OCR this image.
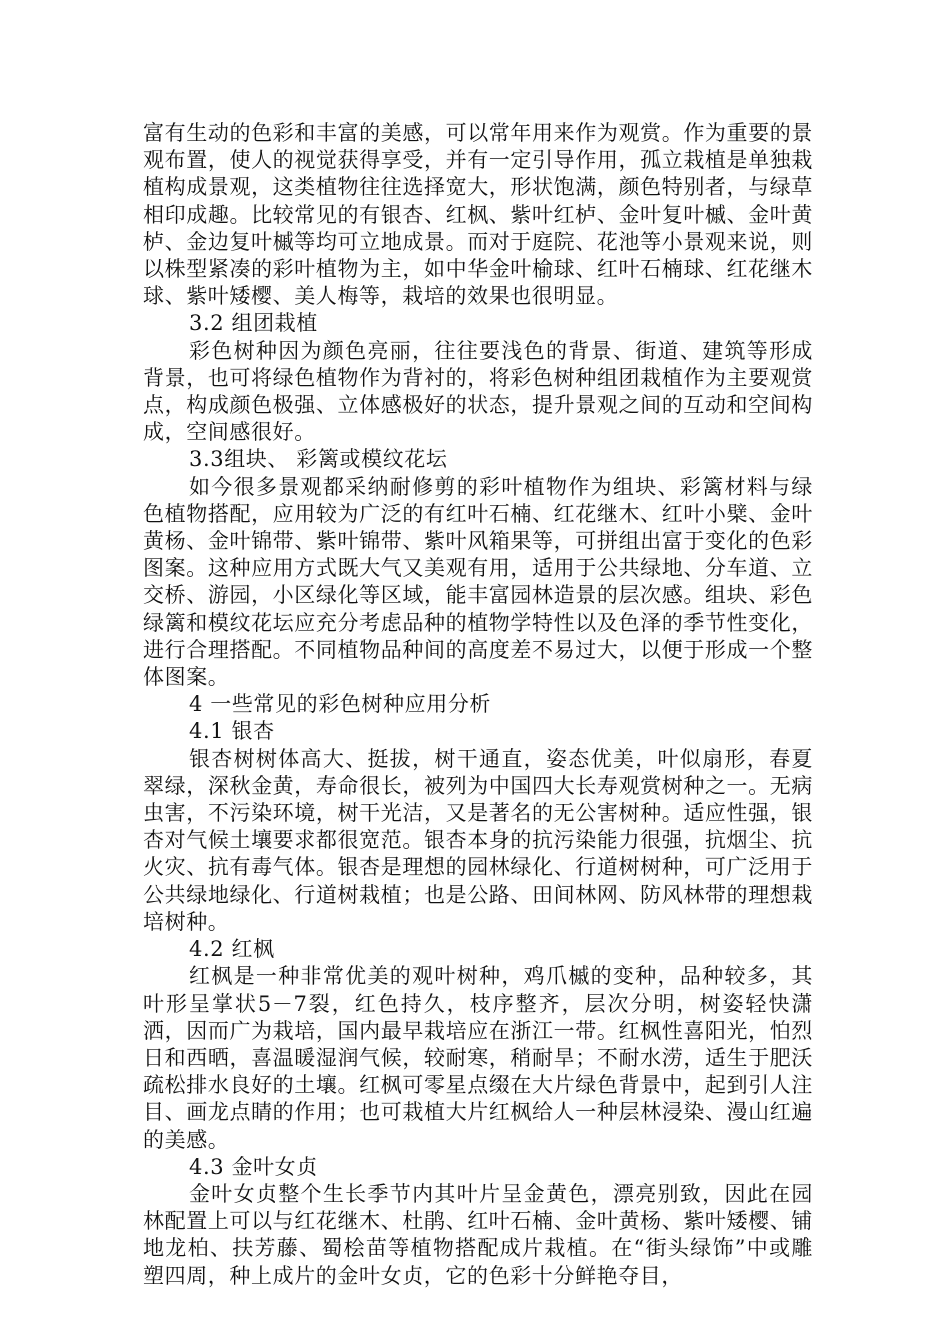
富有生动的色彩和丰富的美感，可以常年用来作为观赏。作为重要的景观布置，使人的视觉获得享受，并有一定引导作用，孤立栽植是单独栽植构成景观，这类植物往往选择宽大，形状饱满，颜色特别者，与绿草相印成趣。比较常见的有银杏、红枫、紫叶红栌、金叶复叶槭、金叶黄栌、金边复叶槭等均可立地成景。而对于庭院、花池等小景观来说，则以株型紧凑的彩叶植物为主，如中华金叶榆球、红叶石楠球、红花继木球、紫叶矮樱、美人梅等，栽培的效果也很明显。

3.2 组团栽植

彩色树种因为颜色亮丽，往往要浅色的背景、街道、建筑等形成背景，也可将绿色植物作为背衬的，将彩色树种组团栽植作为主要观赏点，构成颜色极强、立体感极好的状态，提升景观之间的互动和空间构成，空间感很好。

3.3组块、 彩篱或模纹花坛

如今很多景观都采纳耐修剪的彩叶植物作为组块、彩篱材料与绿色植物搭配，应用较为广泛的有红叶石楠、红花继木、红叶小檗、金叶黄杨、金叶锦带、紫叶锦带、紫叶风箱果等，可拼组出富于变化的色彩图案。这种应用方式既大气又美观有用，适用于公共绿地、分车道、立交桥、游园，小区绿化等区域，能丰富园林造景的层次感。组块、彩色绿篱和模纹花坛应充分考虑品种的植物学特性以及色泽的季节性变化，进行合理搭配。不同植物品种间的高度差不易过大，以便于形成一个整体图案。

4 一些常见的彩色树种应用分析

4.1 银杏

银杏树树体高大、挺拔，树干通直，姿态优美，叶似扇形，春夏翠绿，深秋金黄，寿命很长，被列为中国四大长寿观赏树种之一。无病虫害，不污染环境，树干光洁，又是著名的无公害树种。适应性强，银杏对气候土壤要求都很宽范。银杏本身的抗污染能力很强，抗烟尘、抗火灾、抗有毒气体。银杏是理想的园林绿化、行道树树种，可广泛用于公共绿地绿化、行道树栽植；也是公路、田间林网、防风林带的理想栽培树种。

4.2 红枫

红枫是一种非常优美的观叶树种，鸡爪槭的变种，品种较多，其叶形呈掌状5－7裂，红色持久，枝序整齐，层次分明，树姿轻快潇洒，因而广为栽培，国内最早栽培应在浙江一带。红枫性喜阳光，怕烈日和西晒，喜温暖湿润气候，较耐寒，稍耐旱；不耐水涝，适生于肥沃疏松排水良好的土壤。红枫可零星点缀在大片绿色背景中，起到引人注目、画龙点睛的作用；也可栽植大片红枫给人一种层林浸染、漫山红遍的美感。

4.3 金叶女贞

金叶女贞整个生长季节内其叶片呈金黄色，漂亮别致，因此在园林配置上可以与红花继木、杜鹃、红叶石楠、金叶黄杨、紫叶矮樱、铺地龙柏、扶芳藤、蜀桧苗等植物搭配成片栽植。在“街头绿饰”中或雕塑四周，种上成片的金叶女贞，它的色彩十分鲜艳夺目，
